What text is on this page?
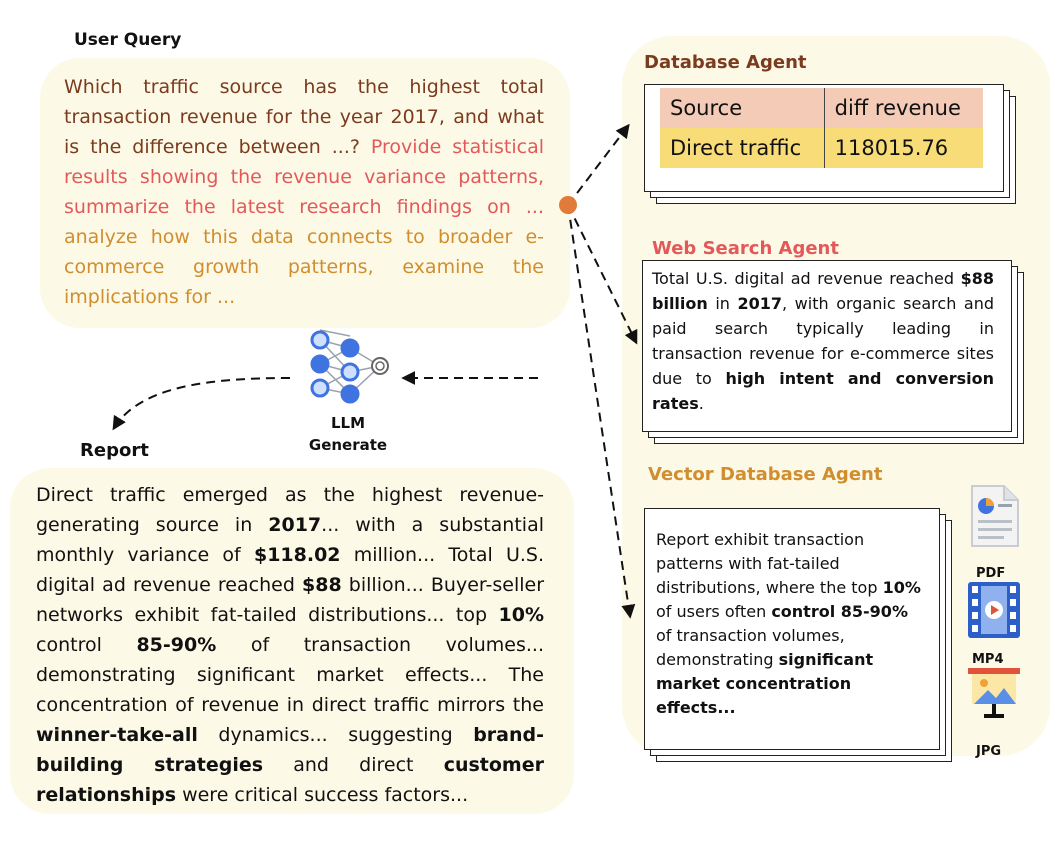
User Query
Which traffic source has the highest total transaction revenue for the year 2017, and what is the difference between ...? Provide statistical results showing the revenue variance patterns, summarize the latest research findings on ... analyze how this data connects to broader e-commerce growth patterns, examine the implications for ...
Database Agent
Source	diff revenue
Direct traffic	118015.76
Web Search Agent
Total U.S. digital ad revenue reached $88 billion in 2017, with organic search and paid search typically leading in transaction revenue for e-commerce sites due to high intent and conversion rates.
Vector Database Agent
Report exhibit transaction patterns with fat-tailed distributions, where the top 10% of users often control 85-90% of transaction volumes, demonstrating significant market concentration effects...
PDF
MP4
JPG
Report
Direct traffic emerged as the highest revenue-generating source in 2017... with a substantial monthly variance of $118.02 million... Total U.S. digital ad revenue reached $88 billion... Buyer-seller networks exhibit fat-tailed distributions... top 10% control 85-90% of transaction volumes... demonstrating significant market effects... The concentration of revenue in direct traffic mirrors the winner-take-all dynamics... suggesting brand-building strategies and direct customer relationships were critical success factors...
LLM
Generate
